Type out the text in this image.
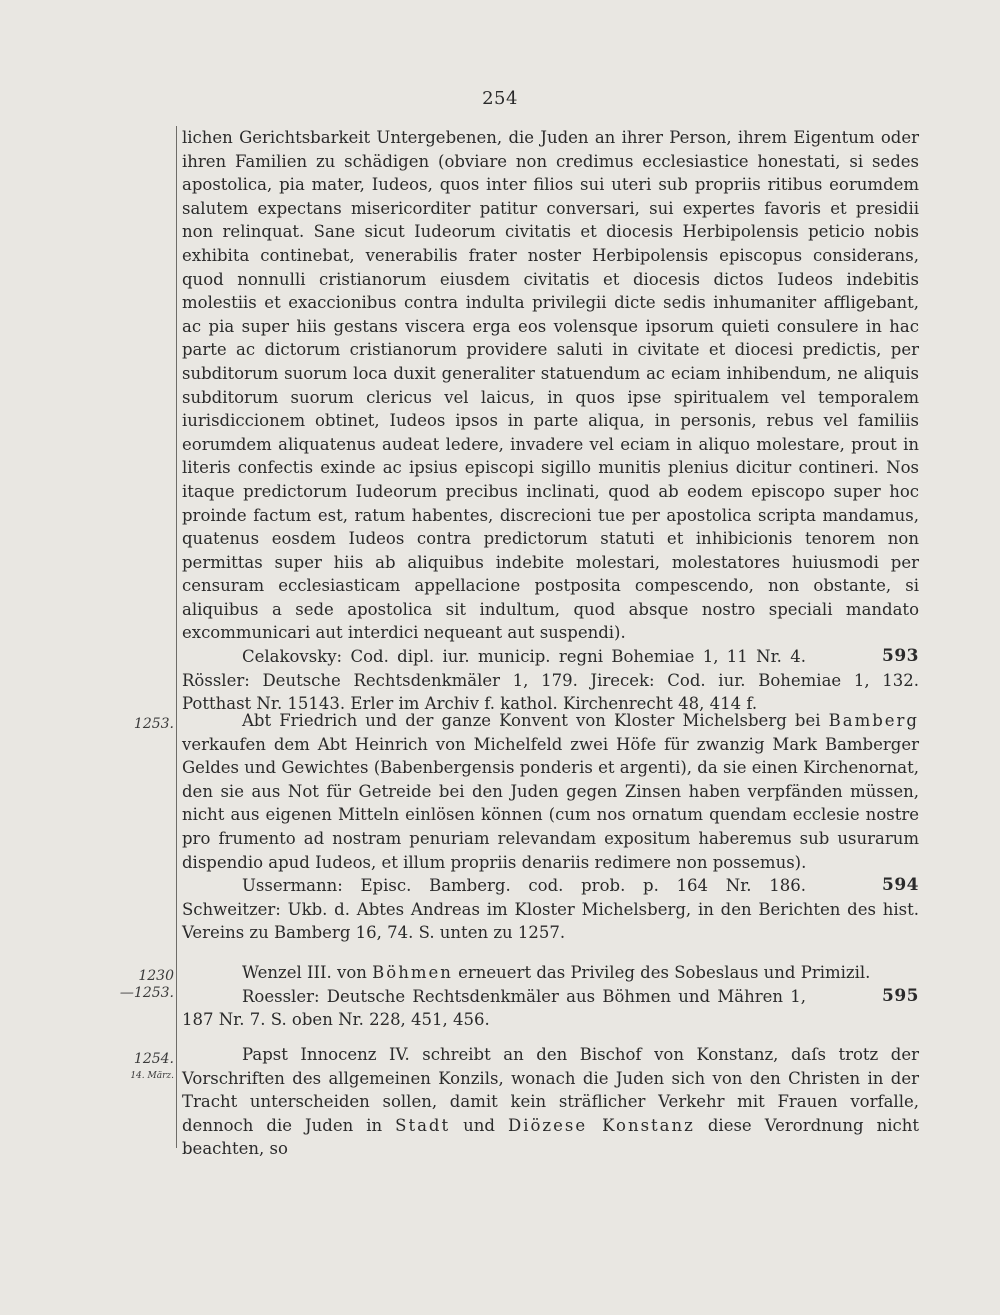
254

lichen Gerichtsbarkeit Untergebenen, die Juden an ihrer Person, ihrem Eigentum oder ihren Familien zu schädigen (obviare non credimus ecclesiastice honestati, si sedes apostolica, pia mater, Iudeos, quos inter filios sui uteri sub propriis ritibus eorumdem salutem expectans misericorditer patitur conversari, sui expertes favoris et presidii non relinquat. Sane sicut Iudeorum civitatis et diocesis Herbipolensis peticio nobis exhibita continebat, venerabilis frater noster Herbipolensis episcopus considerans, quod nonnulli cristianorum eiusdem civitatis et diocesis dictos Iudeos indebitis molestiis et exaccionibus contra indulta privilegii dicte sedis inhumaniter affligebant, ac pia super hiis gestans viscera erga eos volensque ipsorum quieti consulere in hac parte ac dictorum cristianorum providere saluti in civitate et diocesi predictis, per subditorum suorum loca duxit generaliter statuendum ac eciam inhibendum, ne aliquis subditorum suorum clericus vel laicus, in quos ipse spiritualem vel temporalem iurisdiccionem obtinet, Iudeos ipsos in parte aliqua, in personis, rebus vel familiis eorumdem aliquatenus audeat ledere, invadere vel eciam in aliquo molestare, prout in literis confectis exinde ac ipsius episcopi sigillo munitis plenius dicitur contineri. Nos itaque predictorum Iudeorum precibus inclinati, quod ab eodem episcopo super hoc proinde factum est, ratum habentes, discrecioni tue per apostolica scripta mandamus, quatenus eosdem Iudeos contra predictorum statuti et inhibicionis tenorem non permittas super hiis ab aliquibus indebite molestari, molestatores huiusmodi per censuram ecclesiasticam appellacione postposita compescendo, non obstante, si aliquibus a sede apostolica sit indultum, quod absque nostro speciali mandato excommunicari aut interdici nequeant aut suspendi).

593
Celakovsky: Cod. dipl. iur. municip. regni Bohemiae 1, 11 Nr. 4. Rössler: Deutsche Rechtsdenkmäler 1, 179. Jirecek: Cod. iur. Bohemiae 1, 132. Potthast Nr. 15143. Erler im Archiv f. kathol. Kirchenrecht 48, 414 f.

1253.	Abt Friedrich und der ganze Konvent von Kloster Michelsberg bei Bamberg verkaufen dem Abt Heinrich von Michelfeld zwei Höfe für zwanzig Mark Bamberger Geldes und Gewichtes (Babenbergensis ponderis et argenti), da sie einen Kirchenornat, den sie aus Not für Getreide bei den Juden gegen Zinsen haben verpfänden müssen, nicht aus eigenen Mitteln einlösen können (cum nos ornatum quendam ecclesie nostre pro frumento ad nostram penuriam relevandam expositum haberemus sub usurarum dispendio apud Iudeos, et illum propriis denariis redimere non possemus).

594
Ussermann: Episc. Bamberg. cod. prob. p. 164 Nr. 186. Schweitzer: Ukb. d. Abtes Andreas im Kloster Michelsberg, in den Berichten des hist. Vereins zu Bamberg 16, 74. S. unten zu 1257.

1230
—1253.

Wenzel III. von Böhmen erneuert das Privileg des Sobeslaus und Primizil.

595
Roessler: Deutsche Rechtsdenkmäler aus Böhmen und Mähren 1, 187 Nr. 7. S. oben Nr. 228, 451, 456.

1254.
14. März.

Papst Innocenz IV. schreibt an den Bischof von Konstanz, daſs trotz der Vorschriften des allgemeinen Konzils, wonach die Juden sich von den Christen in der Tracht unterscheiden sollen, damit kein sträflicher Verkehr mit Frauen vorfalle, dennoch die Juden in Stadt und Diözese Konstanz diese Verordnung nicht beachten, so
